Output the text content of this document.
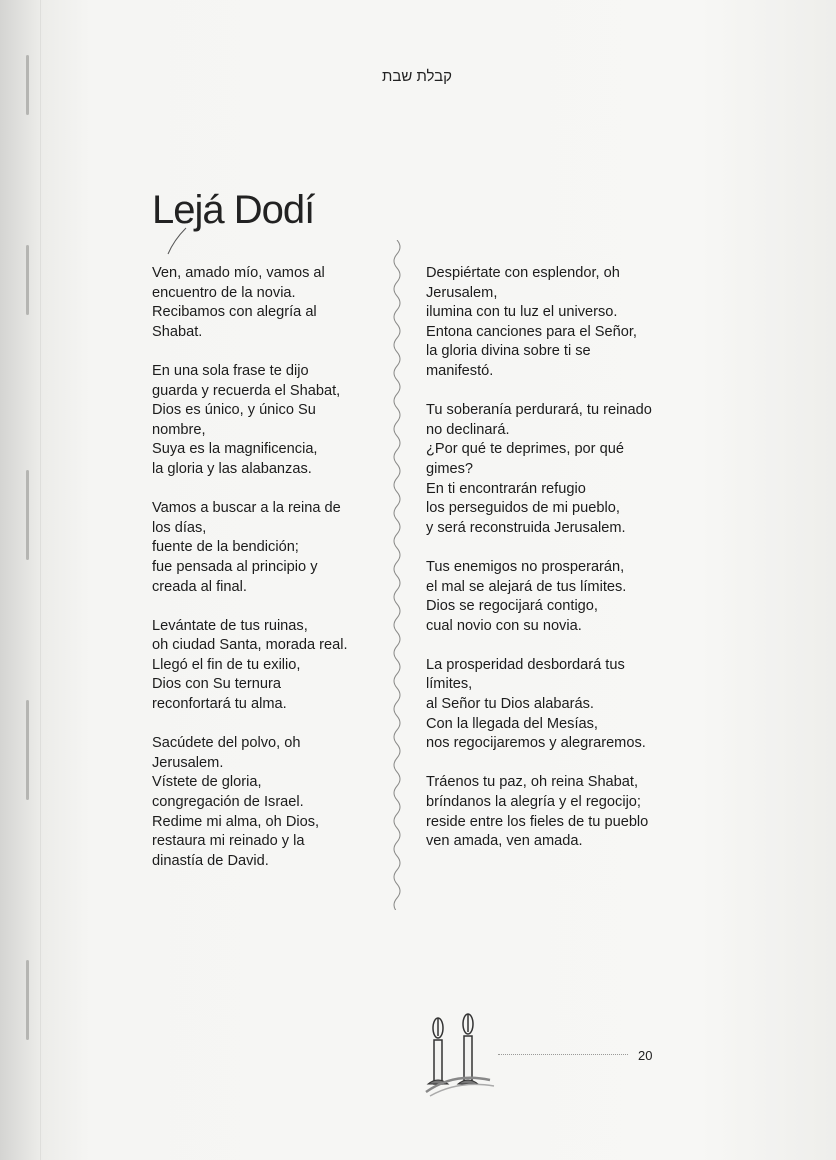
קבלת שבת
Lejá Dodí

Ven, amado mío, vamos al

encuentro de la novia.

Recibamos con alegría al

Shabat.

En una sola frase te dijo

guarda y recuerda el Shabat,

Dios es único, y único Su

nombre,

Suya es la magnificencia,

la gloria y las alabanzas.

Vamos a buscar a la reina de

los días,

fuente de la bendición;

fue pensada al principio y

creada al final.

Levántate de tus ruinas,

oh ciudad Santa, morada real.

Llegó el fin de tu exilio,

Dios con Su ternura

reconfortará tu alma.

Sacúdete del polvo, oh

Jerusalem.

Vístete de gloria,

congregación de Israel.

Redime mi alma, oh Dios,

restaura mi reinado y la

dinastía de David.

Despiértate con esplendor, oh

Jerusalem,

ilumina con tu luz el universo.

Entona canciones para el Señor,

la gloria divina sobre ti se

manifestó.

Tu soberanía perdurará, tu reinado

no declinará.

¿Por qué te deprimes, por qué

gimes?

En ti encontrarán refugio

los perseguidos de mi pueblo,

y será reconstruida Jerusalem.

Tus enemigos no prosperarán,

el mal se alejará de tus límites.

Dios se regocijará contigo,

cual novio con su novia.

La prosperidad desbordará tus

límites,

al Señor tu Dios alabarás.

Con la llegada del Mesías,

nos regocijaremos y alegraremos.

Tráenos tu paz, oh reina Shabat,

bríndanos la alegría y el regocijo;

reside entre los fieles de tu pueblo

ven amada, ven amada.

20
